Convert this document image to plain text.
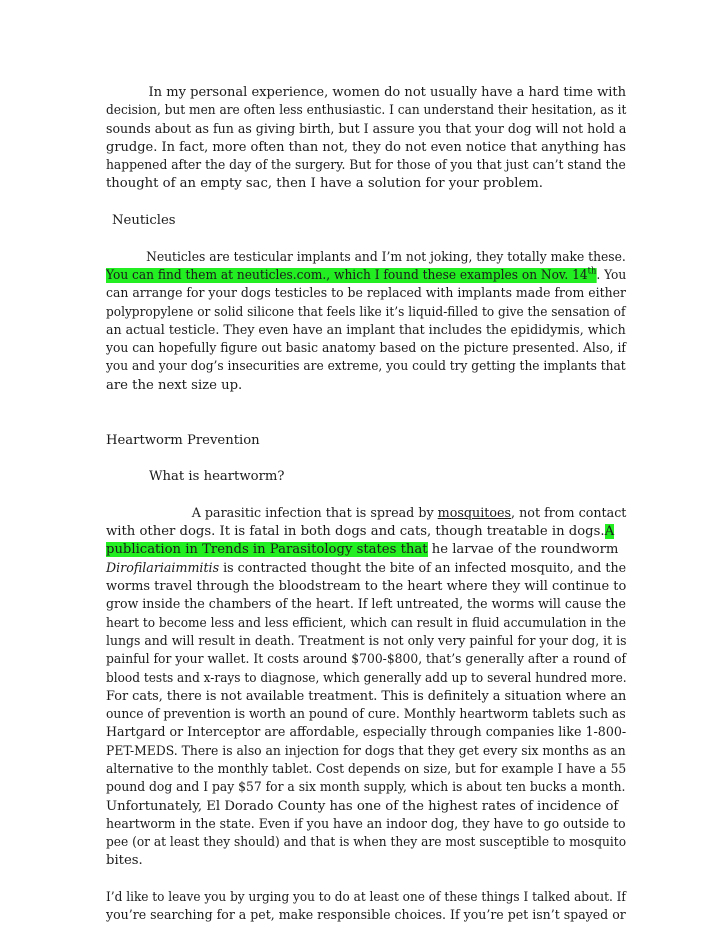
In my personal experience, women do not usually have a hard time with
decision, but men are often less enthusiastic. I can understand their hesitation, as it
sounds about as fun as giving birth, but I assure you that your dog will not hold a
grudge. In fact, more often than not, they do not even notice that anything has
happened after the day of the surgery. But for those of you that just can’t stand the
thought of an empty sac, then I have a solution for your problem.
Neuticles
Neuticles are testicular implants and I’m not joking, they totally make these.
You can find them at neuticles.com., which I found these examples on Nov. 14th. You
can arrange for your dogs testicles to be replaced with implants made from either
polypropylene or solid silicone that feels like it’s liquid-filled to give the sensation of
an actual testicle. They even have an implant that includes the epididymis, which
you can hopefully figure out basic anatomy based on the picture presented. Also, if
you and your dog’s insecurities are extreme, you could try getting the implants that
are the next size up.
Heartworm Prevention
What is heartworm?
A parasitic infection that is spread by mosquitoes, not from contact
with other dogs. It is fatal in both dogs and cats, though treatable in dogs.A
publication in Trends in Parasitology states that he larvae of the roundworm
Dirofilariaimmitis is contracted thought the bite of an infected mosquito, and the
worms travel through the bloodstream to the heart where they will continue to
grow inside the chambers of the heart. If left untreated, the worms will cause the
heart to become less and less efficient, which can result in fluid accumulation in the
lungs and will result in death. Treatment is not only very painful for your dog, it is
painful for your wallet. It costs around $700-$800, that’s generally after a round of
blood tests and x-rays to diagnose, which generally add up to several hundred more.
For cats, there is not available treatment. This is definitely a situation where an
ounce of prevention is worth an pound of cure. Monthly heartworm tablets such as
Hartgard or Interceptor are affordable, especially through companies like 1-800-
PET-MEDS. There is also an injection for dogs that they get every six months as an
alternative to the monthly tablet. Cost depends on size, but for example I have a 55
pound dog and I pay $57 for a six month supply, which is about ten bucks a month.
Unfortunately, El Dorado County has one of the highest rates of incidence of
heartworm in the state. Even if you have an indoor dog, they have to go outside to
pee (or at least they should) and that is when they are most susceptible to mosquito
bites.
I’d like to leave you by urging you to do at least one of these things I talked about. If
you’re searching for a pet, make responsible choices. If you’re pet isn’t spayed or
